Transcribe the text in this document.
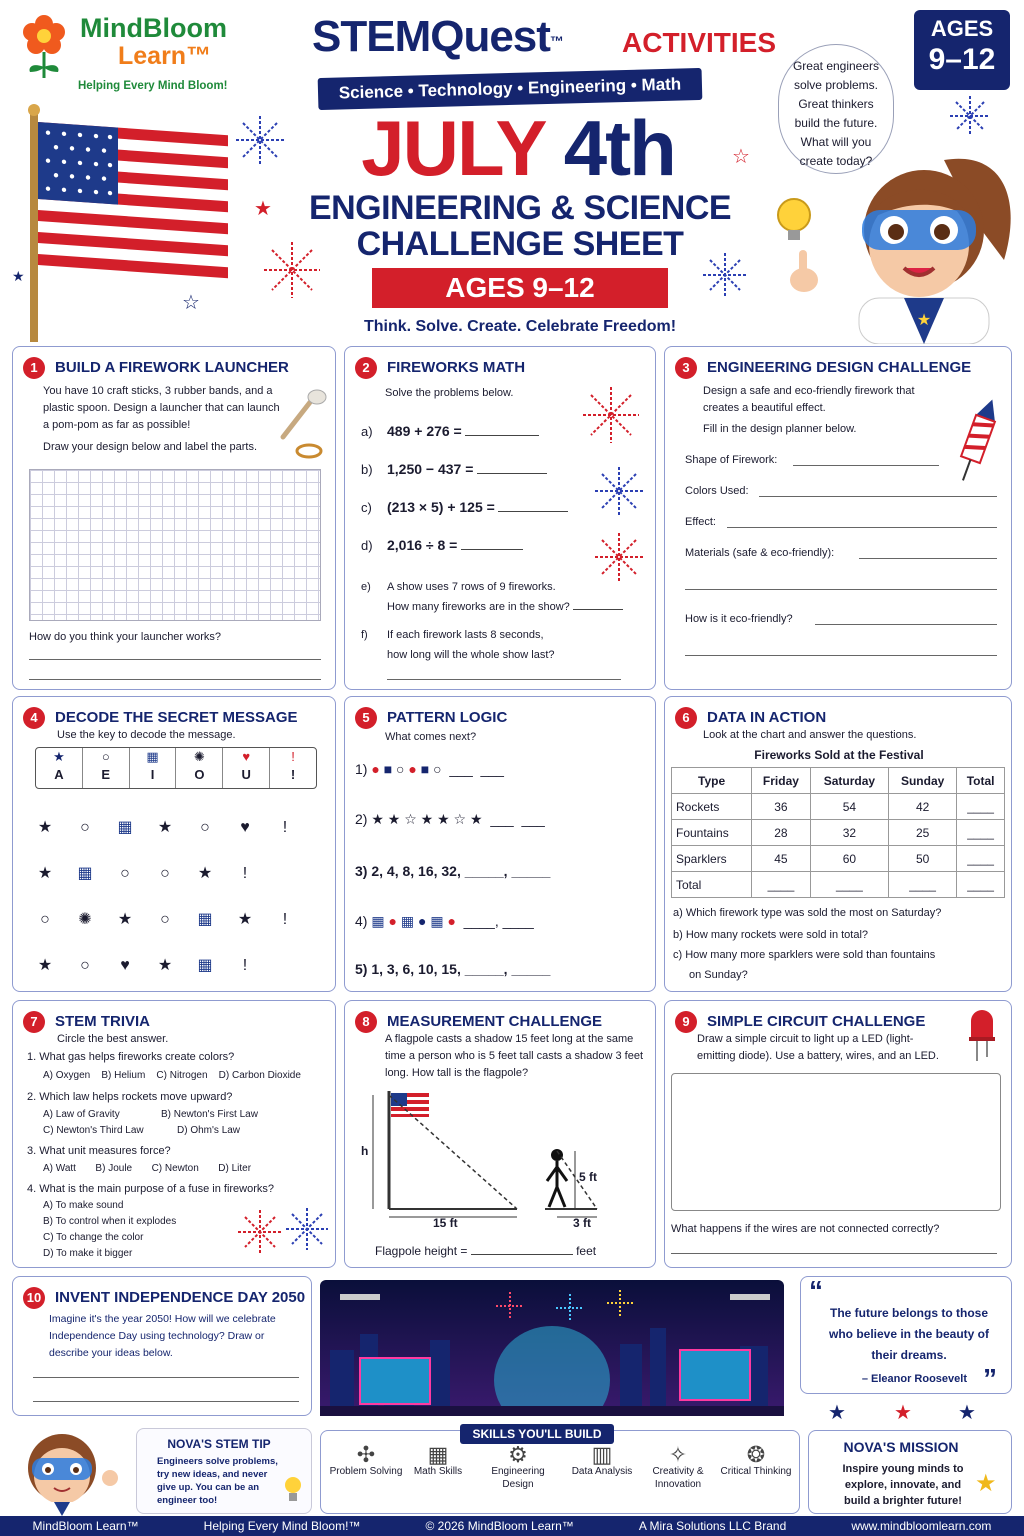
MindBloom
Learn™
Helping Every Mind Bloom!
STEMQuest™ ACTIVITIES
Science • Technology • Engineering • Math
JULY 4th
ENGINEERING & SCIENCE
CHALLENGE SHEET
AGES 9–12
Think. Solve. Create. Celebrate Freedom!
AGES
9–12
Great engineers solve problems. Great thinkers build the future. What will you create today?
★
☆
☆
★
★
1 BUILD A FIREWORK LAUNCHER
You have 10 craft sticks, 3 rubber bands, and a plastic spoon. Design a launcher that can launch a pom-pom as far as possible!
Draw your design below and label the parts.
How do you think your launcher works?
2 FIREWORKS MATH
Solve the problems below.
a) 489 + 276 =
b) 1,250 − 437 =
c) (213 × 5) + 125 =
d) 2,016 ÷ 8 =
e) A show uses 7 rows of 9 fireworks.
How many fireworks are in the show?
f) If each firework lasts 8 seconds,
how long will the whole show last?
3 ENGINEERING DESIGN CHALLENGE
Design a safe and eco-friendly firework that creates a beautiful effect.
Fill in the design planner below.
Shape of Firework:
Colors Used:
Effect:
Materials (safe & eco-friendly):
How is it eco-friendly?
4 DECODE THE SECRET MESSAGE
Use the key to decode the message.
★
A
○
E
▦
I
✺
O
♥
U
!
!
★ ○ ▦ ★ ○ ♥ !
★ ▦ ○ ○ ★ !
○ ✺ ★ ○ ▦ ★ !
★ ○ ♥ ★ ▦ !
5 PATTERN LOGIC
What comes next?
1) ● ■ ○ ● ■ ○  ___  ___
2) ★ ★ ☆ ★ ★ ☆ ★  ___  ___
3) 2, 4, 8, 16, 32, _____, _____
4) ▦ ● ▦ ● ▦ ●  ____, ____
5) 1, 3, 6, 10, 15, _____, _____
6 DATA IN ACTION
Look at the chart and answer the questions.
Fireworks Sold at the Festival
Type	Friday	Saturday	Sunday	Total
Rockets	36	54	42	____
Fountains	28	32	25	____
Sparklers	45	60	50	____
Total	____	____	____	____
a) Which firework type was sold the most on Saturday?
b) How many rockets were sold in total?
c) How many more sparklers were sold than fountains
on Sunday?
7 STEM TRIVIA
Circle the best answer.
1. What gas helps fireworks create colors?
A) Oxygen B) Helium C) Nitrogen D) Carbon Dioxide
2. Which law helps rockets move upward?
A) Law of Gravity	B) Newton's First Law
C) Newton's Third Law	D) Ohm's Law
3. What unit measures force?
A) Watt B) Joule C) Newton D) Liter
4. What is the main purpose of a fuse in fireworks?
A) To make sound
B) To control when it explodes
C) To change the color
D) To make it bigger
8 MEASUREMENT CHALLENGE
A flagpole casts a shadow 15 feet long at the same time a person who is 5 feet tall casts a shadow 3 feet long. How tall is the flagpole?
h
15 ft
5 ft
3 ft
Flagpole height =	feet
9 SIMPLE CIRCUIT CHALLENGE
Draw a simple circuit to light up a LED (light-emitting diode). Use a battery, wires, and an LED.
What happens if the wires are not connected correctly?
10 INVENT INDEPENDENCE DAY 2050
Imagine it's the year 2050! How will we celebrate Independence Day using technology? Draw or describe your ideas below.
“
The future belongs to those who believe in the beauty of their dreams.
– Eleanor Roosevelt ”
★ ★ ★
NOVA'S STEM TIP
Engineers solve problems, try new ideas, and never give up. You can be an engineer too!
SKILLS YOU'LL BUILD
✣
Problem Solving
▦
Math Skills
⚙
Engineering Design
▥
Data Analysis
✧
Creativity & Innovation
❂
Critical Thinking
NOVA'S MISSION
Inspire young minds to explore, innovate, and build a brighter future!
★
MindBloom Learn™	Helping Every Mind Bloom!™	© 2026 MindBloom Learn™	A Mira Solutions LLC Brand	www.mindbloomlearn.com
